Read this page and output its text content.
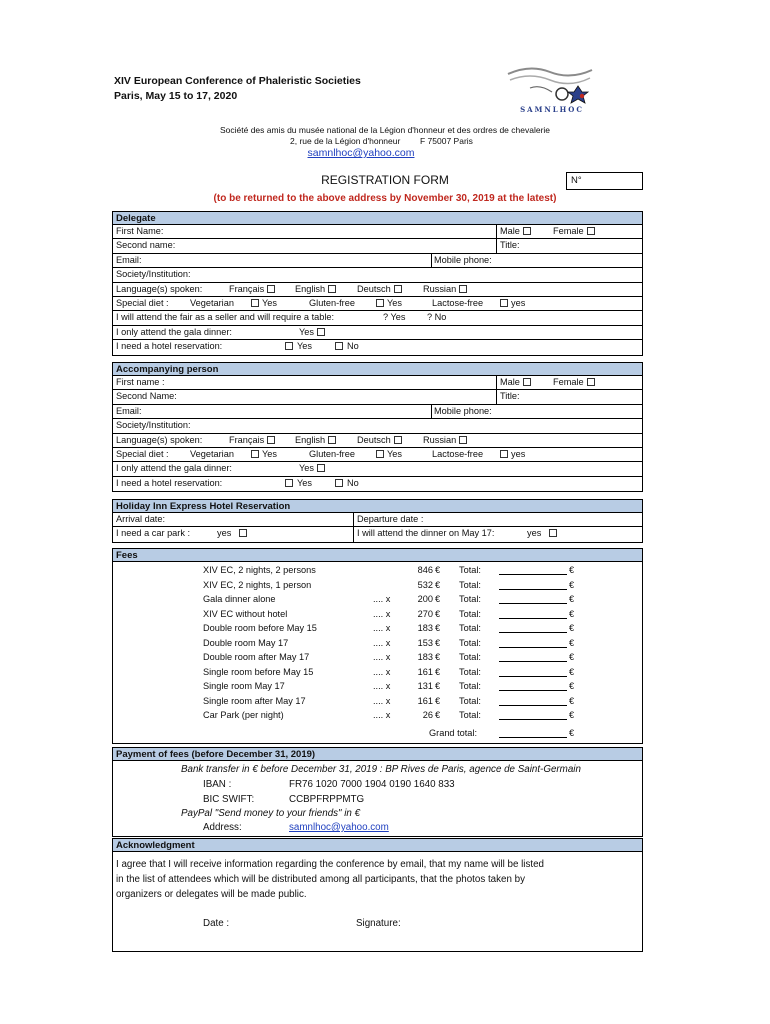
XIV European Conference of Phaleristic Societies
Paris, May 15 to 17, 2020
SAMNLHOC
Société des amis du musée national de la Légion d'honneur et des ordres de chevalerie
2, rue de la Légion d'honneur F 75007 Paris
samnlhoc@yahoo.com
REGISTRATION FORM	N°
(to be returned to the above address by November 30, 2019 at the latest)
Delegate
First Name:	Male	Female
Second name:	Title:
Email:	Mobile phone:
Society/Institution:
Language(s) spoken:	Français	English	Deutsch	Russian
Special diet : Vegetarian	Yes	Gluten-free	Yes	Lactose-free	yes
I will attend the fair as a seller and will require a table:	? Yes ? No
I only attend the gala dinner:	Yes
I need a hotel reservation:	Yes	No
Accompanying person
First name :	Male	Female
Second Name:	Title:
Email:	Mobile phone:
Society/Institution:
Language(s) spoken:	Français	English	Deutsch	Russian
Special diet : Vegetarian	Yes	Gluten-free	Yes	Lactose-free	yes
I only attend the gala dinner:	Yes
I need a hotel reservation:	Yes	No
Holiday Inn Express Hotel Reservation
Arrival date:	Departure date :
I need a car park :	yes	I will attend the dinner on May 17:	yes
Fees
XIV EC, 2 nights, 2 persons	846 € Total:	€
XIV EC, 2 nights, 1 person	532 € Total:	€
Gala dinner alone	.... x	200 € Total:	€
XIV EC without hotel	.... x	270 € Total:	€
Double room before May 15	.... x	183 € Total:	€
Double room May 17	.... x	153 € Total:	€
Double room after May 17	.... x	183 € Total:	€
Single room before May 15	.... x	161 € Total:	€
Single room May 17	.... x	131 € Total:	€
Single room after May 17	.... x	161 € Total:	€
Car Park (per night)	.... x	26 € Total:	€
Grand total:	€
Payment of fees (before December 31, 2019)
Bank transfer in € before December 31, 2019 : BP Rives de Paris, agence de Saint-Germain
IBAN :	FR76 1020 7000 1904 0190 1640 833
BIC SWIFT:	CCBPFRPPMTG
PayPal "Send money to your friends" in €
Address:	samnlhoc@yahoo.com
Acknowledgment
I agree that I will receive information regarding the conference by email, that my name will be listed
in the list of attendees which will be distributed among all participants, that the photos taken by
organizers or delegates will be made public.
Date :	Signature:
